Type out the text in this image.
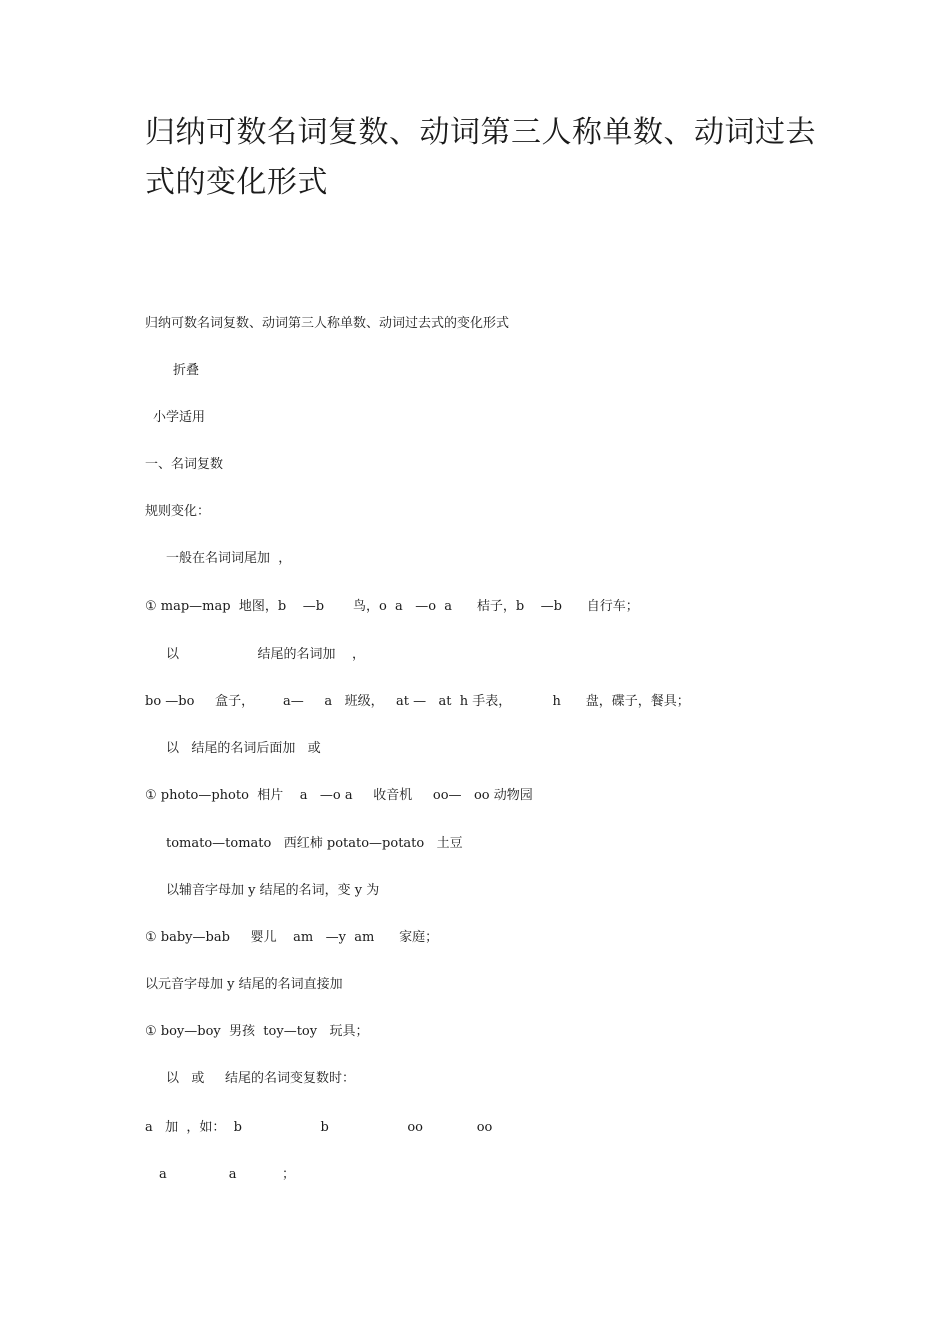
归纳可数名词复数、动词第三人称单数、动词过去式的变化形式
归纳可数名词复数、动词第三人称单数、动词过去式的变化形式
折叠
小学适用
一、名词复数
规则变化：
一般在名词词尾加  ，
① map—map  地图，b    —b       鸟，o  a   —o  a      桔子，b    —b      自行车；
以                   结尾的名词加    ，
bo —bo     盒子，       a—     a   班级，   at —   at  h 手表，          h      盘，碟子，餐具；
以   结尾的名词后面加   或
① photo—photo  相片    a   —o a     收音机     oo—   oo 动物园
tomato—tomato   西红柿 potato—potato   土豆
以辅音字母加 y 结尾的名词，变 y 为
① baby—bab     婴儿    am   —y  am      家庭；
以元音字母加 y 结尾的名词直接加
① boy—boy  男孩  toy—toy   玩具；
以   或     结尾的名词变复数时：
a   加  ，如：  b                   b                   oo             oo
a               a           ；
